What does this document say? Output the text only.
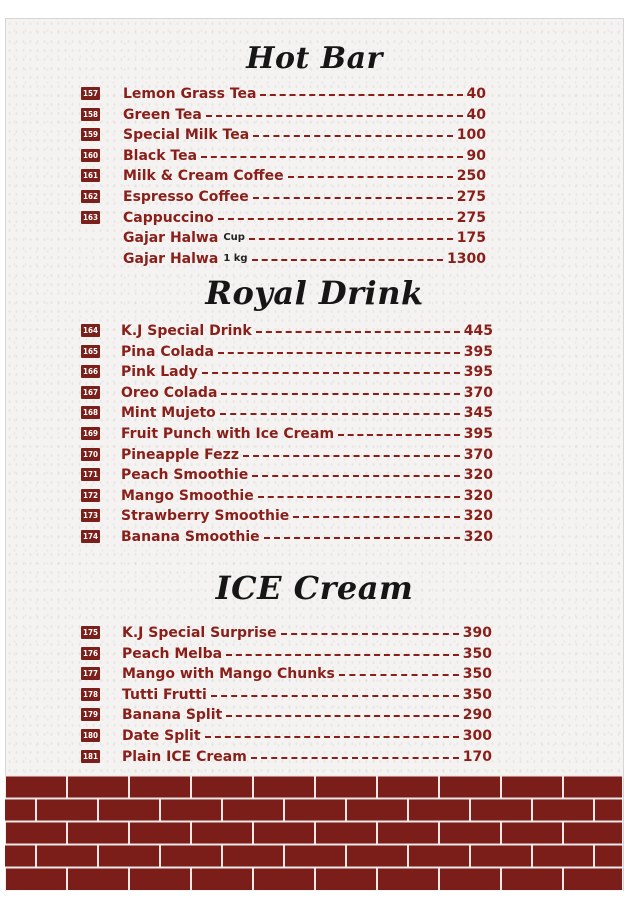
Hot Bar
157 Lemon Grass Tea	40
158 Green Tea	40
159 Special Milk Tea	100
160 Black Tea	90
161 Milk & Cream Coffee	250
162 Espresso Coffee	275
163 Cappuccino	275
Gajar Halwa Cup	175
Gajar Halwa 1 kg	1300
Royal Drink
164 K.J Special Drink	445
165 Pina Colada	395
166 Pink Lady	395
167 Oreo Colada	370
168 Mint Mujeto	345
169 Fruit Punch with Ice Cream	395
170 Pineapple Fezz	370
171 Peach Smoothie	320
172 Mango Smoothie	320
173 Strawberry Smoothie	320
174 Banana Smoothie	320
ICE Cream
175 K.J Special Surprise	390
176 Peach Melba	350
177 Mango with Mango Chunks	350
178 Tutti Frutti	350
179 Banana Split	290
180 Date Split	300
181 Plain ICE Cream	170
